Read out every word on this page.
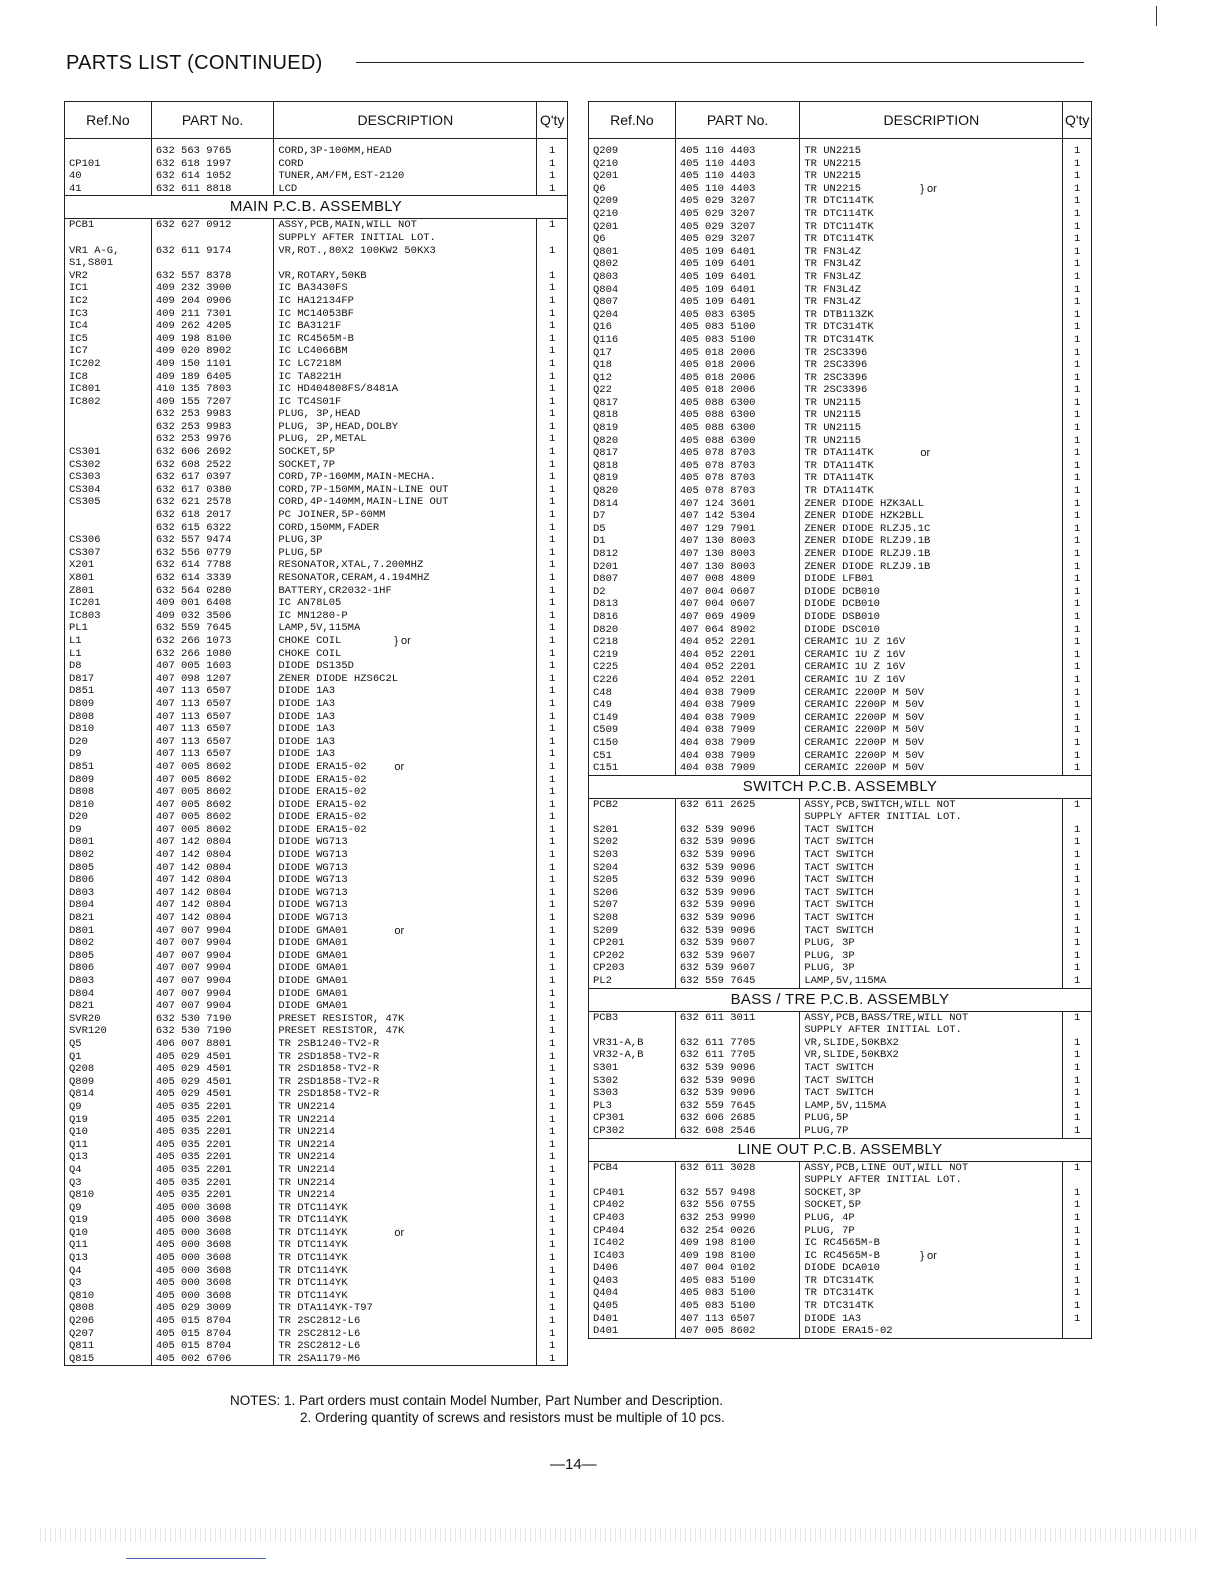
PARTS LIST (CONTINUED)
Ref.No	PART No.	DESCRIPTION	Q'ty
	632 563 9765	CORD,3P-100MM,HEAD	1
CP101	632 618 1997	CORD	1
40	632 614 1052	TUNER,AM/FM,EST-2120	1
41	632 611 8818	LCD	1
MAIN P.C.B. ASSEMBLY			
PCB1	632 627 0912	ASSY,PCB,MAIN,WILL NOT	1
		SUPPLY AFTER INITIAL LOT.	
VR1 A-G,	632 611 9174	VR,ROT.,80X2 100KW2 50KX3	1
S1,S801			
VR2	632 557 8378	VR,ROTARY,50KB	1
IC1	409 232 3900	IC BA3430FS	1
IC2	409 204 0906	IC HA12134FP	1
IC3	409 211 7301	IC MC14053BF	1
IC4	409 262 4205	IC BA3121F	1
IC5	409 198 8100	IC RC4565M-B	1
IC7	409 020 8902	IC LC4066BM	1
IC202	409 150 1101	IC LC7218M	1
IC8	409 189 6405	IC TA8221H	1
IC801	410 135 7803	IC HD404808FS/8481A	1
IC802	409 155 7207	IC TC4S01F	1
	632 253 9983	PLUG, 3P,HEAD	1
	632 253 9983	PLUG, 3P,HEAD,DOLBY	1
	632 253 9976	PLUG, 2P,METAL	1
CS301	632 606 2692	SOCKET,5P	1
CS302	632 608 2522	SOCKET,7P	1
CS303	632 617 0397	CORD,7P-160MM,MAIN-MECHA.	1
CS304	632 617 0380	CORD,7P-150MM,MAIN-LINE OUT	1
CS305	632 621 2578	CORD,4P-140MM,MAIN-LINE OUT	1
	632 618 2017	PC JOINER,5P-60MM	1
	632 615 6322	CORD,150MM,FADER	1
CS306	632 557 9474	PLUG,3P	1
CS307	632 556 0779	PLUG,5P	1
X201	632 614 7788	RESONATOR,XTAL,7.200MHZ	1
X801	632 614 3339	RESONATOR,CERAM,4.194MHZ	1
Z801	632 564 0280	BATTERY,CR2032-1HF	1
IC201	409 001 6408	IC AN78L05	1
IC803	409 032 3506	IC MN1280-P	1
PL1	632 559 7645	LAMP,5V,115MA	1
L1	632 266 1073	CHOKE COIL } or	1
L1	632 266 1080	CHOKE COIL	1
D8	407 005 1603	DIODE DS135D	1
D817	407 098 1207	ZENER DIODE HZS6C2L	1
D851	407 113 6507	DIODE 1A3	1
D809	407 113 6507	DIODE 1A3	1
D808	407 113 6507	DIODE 1A3	1
D810	407 113 6507	DIODE 1A3	1
D20	407 113 6507	DIODE 1A3	1
D9	407 113 6507	DIODE 1A3	1
D851	407 005 8602	DIODE ERA15-02 or	1
D809	407 005 8602	DIODE ERA15-02	1
D808	407 005 8602	DIODE ERA15-02	1
D810	407 005 8602	DIODE ERA15-02	1
D20	407 005 8602	DIODE ERA15-02	1
D9	407 005 8602	DIODE ERA15-02	1
D801	407 142 0804	DIODE WG713	1
D802	407 142 0804	DIODE WG713	1
D805	407 142 0804	DIODE WG713	1
D806	407 142 0804	DIODE WG713	1
D803	407 142 0804	DIODE WG713	1
D804	407 142 0804	DIODE WG713	1
D821	407 142 0804	DIODE WG713	1
D801	407 007 9904	DIODE GMA01 or	1
D802	407 007 9904	DIODE GMA01	1
D805	407 007 9904	DIODE GMA01	1
D806	407 007 9904	DIODE GMA01	1
D803	407 007 9904	DIODE GMA01	1
D804	407 007 9904	DIODE GMA01	1
D821	407 007 9904	DIODE GMA01	1
SVR20	632 530 7190	PRESET RESISTOR, 47K	1
SVR120	632 530 7190	PRESET RESISTOR, 47K	1
Q5	406 007 8801	TR 2SB1240-TV2-R	1
Q1	405 029 4501	TR 2SD1858-TV2-R	1
Q208	405 029 4501	TR 2SD1858-TV2-R	1
Q809	405 029 4501	TR 2SD1858-TV2-R	1
Q814	405 029 4501	TR 2SD1858-TV2-R	1
Q9	405 035 2201	TR UN2214	1
Q19	405 035 2201	TR UN2214	1
Q10	405 035 2201	TR UN2214	1
Q11	405 035 2201	TR UN2214	1
Q13	405 035 2201	TR UN2214	1
Q4	405 035 2201	TR UN2214	1
Q3	405 035 2201	TR UN2214	1
Q810	405 035 2201	TR UN2214	1
Q9	405 000 3608	TR DTC114YK	1
Q19	405 000 3608	TR DTC114YK	1
Q10	405 000 3608	TR DTC114YK or	1
Q11	405 000 3608	TR DTC114YK	1
Q13	405 000 3608	TR DTC114YK	1
Q4	405 000 3608	TR DTC114YK	1
Q3	405 000 3608	TR DTC114YK	1
Q810	405 000 3608	TR DTC114YK	1
Q808	405 029 3009	TR DTA114YK-T97	1
Q206	405 015 8704	TR 2SC2812-L6	1
Q207	405 015 8704	TR 2SC2812-L6	1
Q811	405 015 8704	TR 2SC2812-L6	1
Q815	405 002 6706	TR 2SA1179-M6	1
Ref.No	PART No.	DESCRIPTION	Q'ty
Q209	405 110 4403	TR UN2215	1
Q210	405 110 4403	TR UN2215	1
Q201	405 110 4403	TR UN2215	1
Q6	405 110 4403	TR UN2215 } or	1
Q209	405 029 3207	TR DTC114TK	1
Q210	405 029 3207	TR DTC114TK	1
Q201	405 029 3207	TR DTC114TK	1
Q6	405 029 3207	TR DTC114TK	1
Q801	405 109 6401	TR FN3L4Z	1
Q802	405 109 6401	TR FN3L4Z	1
Q803	405 109 6401	TR FN3L4Z	1
Q804	405 109 6401	TR FN3L4Z	1
Q807	405 109 6401	TR FN3L4Z	1
Q204	405 083 6305	TR DTB113ZK	1
Q16	405 083 5100	TR DTC314TK	1
Q116	405 083 5100	TR DTC314TK	1
Q17	405 018 2006	TR 2SC3396	1
Q18	405 018 2006	TR 2SC3396	1
Q12	405 018 2006	TR 2SC3396	1
Q22	405 018 2006	TR 2SC3396	1
Q817	405 088 6300	TR UN2115	1
Q818	405 088 6300	TR UN2115	1
Q819	405 088 6300	TR UN2115	1
Q820	405 088 6300	TR UN2115	1
Q817	405 078 8703	TR DTA114TK or	1
Q818	405 078 8703	TR DTA114TK	1
Q819	405 078 8703	TR DTA114TK	1
Q820	405 078 8703	TR DTA114TK	1
D814	407 124 3601	ZENER DIODE HZK3ALL	1
D7	407 142 5304	ZENER DIODE HZK2BLL	1
D5	407 129 7901	ZENER DIODE RLZJ5.1C	1
D1	407 130 8003	ZENER DIODE RLZJ9.1B	1
D812	407 130 8003	ZENER DIODE RLZJ9.1B	1
D201	407 130 8003	ZENER DIODE RLZJ9.1B	1
D807	407 008 4809	DIODE LFB01	1
D2	407 004 0607	DIODE DCB010	1
D813	407 004 0607	DIODE DCB010	1
D816	407 069 4909	DIODE DSB010	1
D820	407 064 8902	DIODE DSC010	1
C218	404 052 2201	CERAMIC 1U Z 16V	1
C219	404 052 2201	CERAMIC 1U Z 16V	1
C225	404 052 2201	CERAMIC 1U Z 16V	1
C226	404 052 2201	CERAMIC 1U Z 16V	1
C48	404 038 7909	CERAMIC 2200P M 50V	1
C49	404 038 7909	CERAMIC 2200P M 50V	1
C149	404 038 7909	CERAMIC 2200P M 50V	1
C509	404 038 7909	CERAMIC 2200P M 50V	1
C150	404 038 7909	CERAMIC 2200P M 50V	1
C51	404 038 7909	CERAMIC 2200P M 50V	1
C151	404 038 7909	CERAMIC 2200P M 50V	1
SWITCH P.C.B. ASSEMBLY			
PCB2	632 611 2625	ASSY,PCB,SWITCH,WILL NOT	1
		SUPPLY AFTER INITIAL LOT.	
S201	632 539 9096	TACT SWITCH	1
S202	632 539 9096	TACT SWITCH	1
S203	632 539 9096	TACT SWITCH	1
S204	632 539 9096	TACT SWITCH	1
S205	632 539 9096	TACT SWITCH	1
S206	632 539 9096	TACT SWITCH	1
S207	632 539 9096	TACT SWITCH	1
S208	632 539 9096	TACT SWITCH	1
S209	632 539 9096	TACT SWITCH	1
CP201	632 539 9607	PLUG, 3P	1
CP202	632 539 9607	PLUG, 3P	1
CP203	632 539 9607	PLUG, 3P	1
PL2	632 559 7645	LAMP,5V,115MA	1
BASS / TRE P.C.B. ASSEMBLY			
PCB3	632 611 3011	ASSY,PCB,BASS/TRE,WILL NOT	1
		SUPPLY AFTER INITIAL LOT.	
VR31-A,B	632 611 7705	VR,SLIDE,50KBX2	1
VR32-A,B	632 611 7705	VR,SLIDE,50KBX2	1
S301	632 539 9096	TACT SWITCH	1
S302	632 539 9096	TACT SWITCH	1
S303	632 539 9096	TACT SWITCH	1
PL3	632 559 7645	LAMP,5V,115MA	1
CP301	632 606 2685	PLUG,5P	1
CP302	632 608 2546	PLUG,7P	1
LINE OUT P.C.B. ASSEMBLY			
PCB4	632 611 3028	ASSY,PCB,LINE OUT,WILL NOT	1
		SUPPLY AFTER INITIAL LOT.	
CP401	632 557 9498	SOCKET,3P	1
CP402	632 556 0755	SOCKET,5P	1
CP403	632 253 9990	PLUG, 4P	1
CP404	632 254 0026	PLUG, 7P	1
IC402	409 198 8100	IC RC4565M-B	1
IC403	409 198 8100	IC RC4565M-B } or	1
D406	407 004 0102	DIODE DCA010	1
Q403	405 083 5100	TR DTC314TK	1
Q404	405 083 5100	TR DTC314TK	1
Q405	405 083 5100	TR DTC314TK	1
D401	407 113 6507	DIODE 1A3	1
D401	407 005 8602	DIODE ERA15-02	
NOTES: 1. Part orders must contain Model Number, Part Number and Description.
2. Ordering quantity of screws and resistors must be multiple of 10 pcs.
—14—
